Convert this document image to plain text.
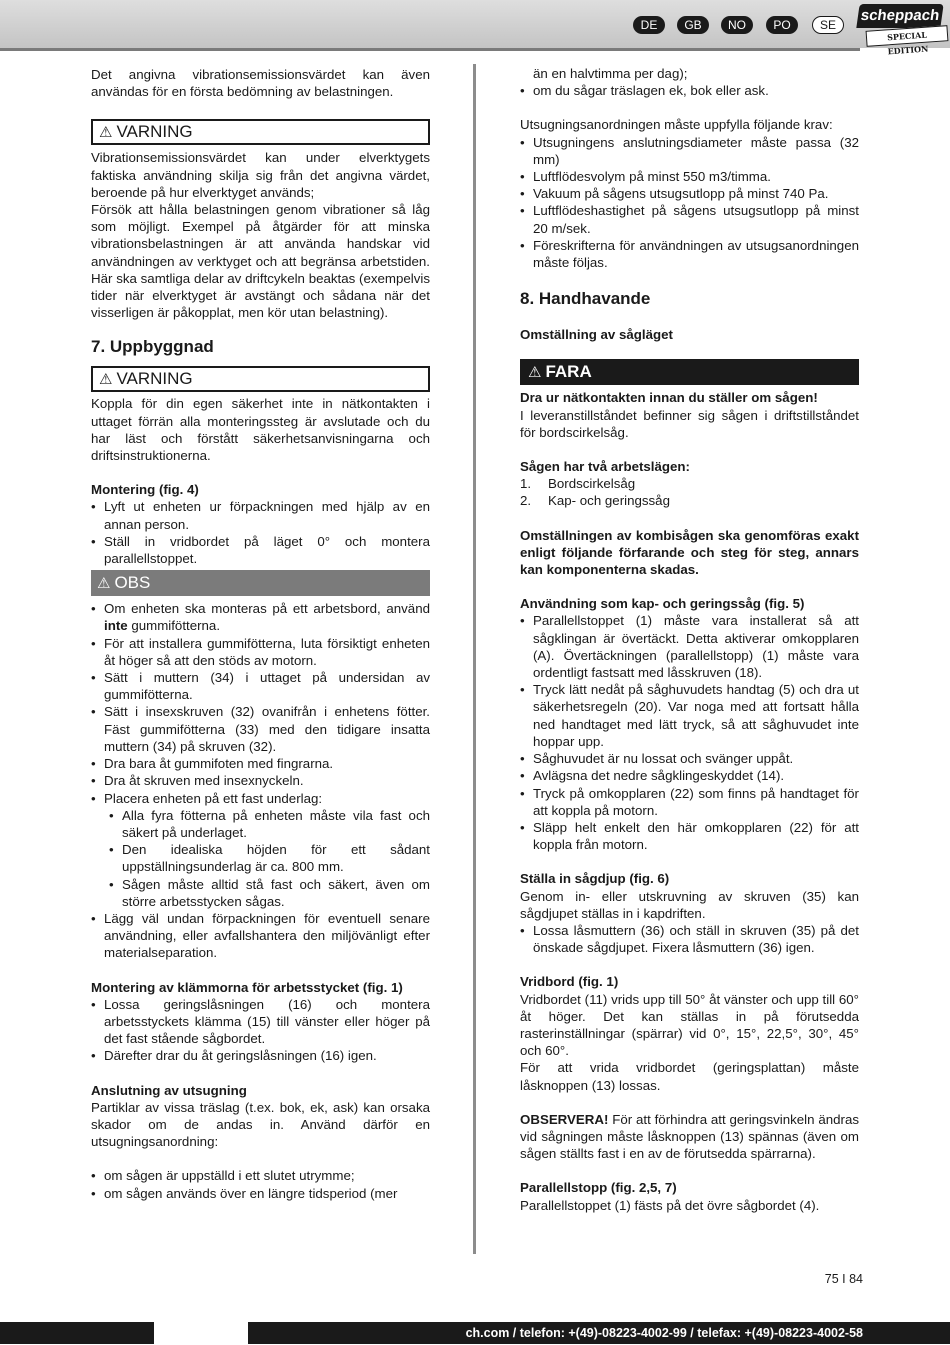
DE	GB	NO	PO	SE
scheppach
SPECIAL EDITION

Det angivna vibrationsemissionsvärdet kan även användas för en första bedömning av belastningen.

⚠ VARNING

Vibrationsemissionsvärdet kan under elverktygets faktiska användning skilja sig från det angivna värdet, beroende på hur elverktyget används;

Försök att hålla belastningen genom vibrationer så låg som möjligt. Exempel på åtgärder för att minska vibrationsbelastningen är att använda handskar vid användningen av verktyget och att begränsa arbetstiden. Här ska samtliga delar av driftcykeln beaktas (exempelvis tider när elverktyget är avstängt och sådana när det visserligen är påkopplat, men kör utan belastning).

7. Uppbyggnad
⚠ VARNING

Koppla för din egen säkerhet inte in nätkontakten i uttaget förrän alla monteringssteg är avslutade och du har läst och förstått säkerhetsanvisningarna och driftsinstruktionerna.

Montering (fig. 4)

• Lyft ut enheten ur förpackningen med hjälp av en annan person.
• Ställ in vridbordet på läget 0° och montera parallellstoppet.
⚠ OBS
• Om enheten ska monteras på ett arbetsbord, använd inte gummifötterna.
• För att installera gummifötterna, luta försiktigt enheten åt höger så att den stöds av motorn.
• Sätt i muttern (34) i uttaget på undersidan av gummifötterna.
• Sätt i insexskruven (32) ovanifrån i enhetens fötter. Fäst gummifötterna (33) med den tidigare insatta muttern (34) på skruven (32).
• Dra bara åt gummifoten med fingrarna.
• Dra åt skruven med insexnyckeln.
• Placera enheten på ett fast underlag:
• Alla fyra fötterna på enheten måste vila fast och säkert på underlaget.
• Den idealiska höjden för ett sådant uppställningsunderlag är ca. 800 mm.
• Sågen måste alltid stå fast och säkert, även om större arbetsstycken sågas.
• Lägg väl undan förpackningen för eventuell senare användning, eller avfallshantera den miljövänligt efter materialseparation.

Montering av klämmorna för arbetsstycket (fig. 1)

• Lossa geringslåsningen (16) och montera arbetsstyckets klämma (15) till vänster eller höger på det fast stående sågbordet.
• Därefter drar du åt geringslåsningen (16) igen.

Anslutning av utsugning

Partiklar av vissa träslag (t.ex. bok, ek, ask) kan orsaka skador om de andas in. Använd därför en utsugningsanordning:

• om sågen är uppställd i ett slutet utrymme;
• om sågen används över en längre tidsperiod (mer

än en halvtimma per dag);

• om du sågar träslagen ek, bok eller ask.

Utsugningsanordningen måste uppfylla följande krav:

• Utsugningens anslutningsdiameter måste passa (32 mm)
• Luftflödesvolym på minst 550 m3/timma.
• Vakuum på sågens utsugsutlopp på minst 740 Pa.
• Luftflödeshastighet på sågens utsugsutlopp på minst 20 m/sek.
• Föreskrifterna för användningen av utsugsanordningen måste följas.
8. Handhavande

Omställning av sågläget

⚠ FARA

Dra ur nätkontakten innan du ställer om sågen!

I leveranstillståndet befinner sig sågen i driftstillståndet för bordscirkelsåg.

Sågen har två arbetslägen:

1. Bordscirkelsåg
2. Kap- och geringssåg

Omställningen av kombisågen ska genomföras exakt enligt följande förfarande och steg för steg, annars kan komponenterna skadas.

Användning som kap- och geringssåg (fig. 5)

• Parallellstoppet (1) måste vara installerat så att sågklingan är övertäckt. Detta aktiverar omkopplaren (A). Övertäckningen (parallellstopp) (1) måste vara ordentligt fastsatt med låsskruven (18).
• Tryck lätt nedåt på såghuvudets handtag (5) och dra ut säkerhetsregeln (20). Var noga med att fortsatt hålla ned handtaget med lätt tryck, så att såghuvudet inte hoppar upp.
• Såghuvudet är nu lossat och svänger uppåt.
• Avlägsna det nedre sågklingeskyddet (14).
• Tryck på omkopplaren (22) som finns på handtaget för att koppla på motorn.
• Släpp helt enkelt den här omkopplaren (22) för att koppla från motorn.

Ställa in sågdjup (fig. 6)

Genom in- eller utskruvning av skruven (35) kan sågdjupet ställas in i kapdriften.

• Lossa låsmuttern (36) och ställ in skruven (35) på det önskade sågdjupet. Fixera låsmuttern (36) igen.

Vridbord (fig. 1)

Vridbordet (11) vrids upp till 50° åt vänster och upp till 60° åt höger. Det kan ställas in på förutsedda rasterinställningar (spärrar) vid 0°, 15°, 22,5°, 30°, 45° och 60°.

För att vrida vridbordet (geringsplattan) måste låsknoppen (13) lossas.

OBSERVERA! För att förhindra att geringsvinkeln ändras vid sågningen måste låsknoppen (13) spännas (även om sågen ställts fast i en av de förutsedda spärrarna).

Parallellstopp (fig. 2,5, 7)

Parallellstoppet (1) fästs på det övre sågbordet (4).

75 I 84
ch.com / telefon: +(49)-08223-4002-99 / telefax: +(49)-08223-4002-58
